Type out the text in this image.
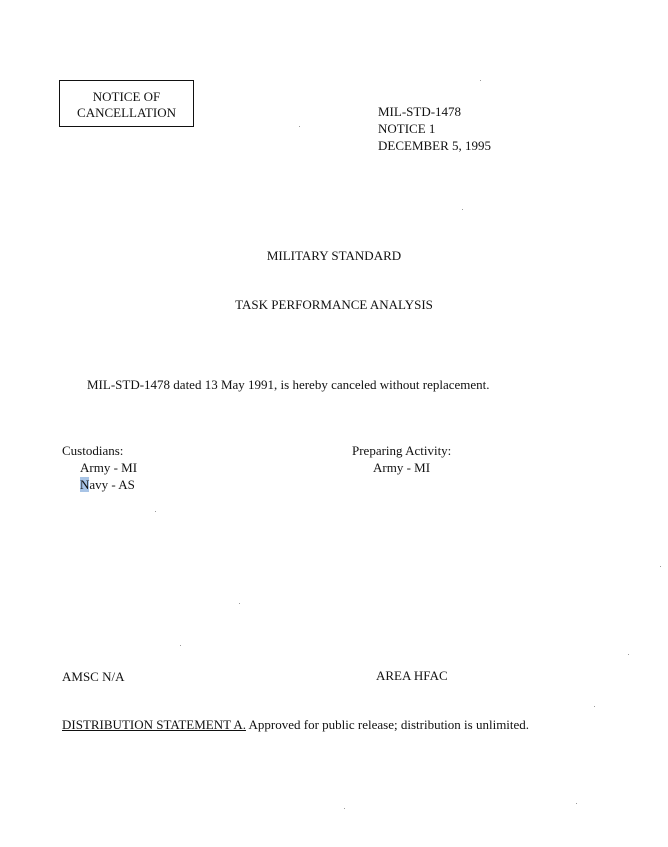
NOTICE OF
CANCELLATION	MIL-STD-1478
NOTICE 1
DECEMBER 5, 1995
MILITARY STANDARD
TASK PERFORMANCE ANALYSIS
MIL-STD-1478 dated 13 May 1991, is hereby canceled without replacement.
Custodians:
Army - MI
Navy - AS
Preparing Activity:
Army - MI
AMSC N/A	AREA HFAC
DISTRIBUTION STATEMENT A. Approved for public release; distribution is unlimited.
